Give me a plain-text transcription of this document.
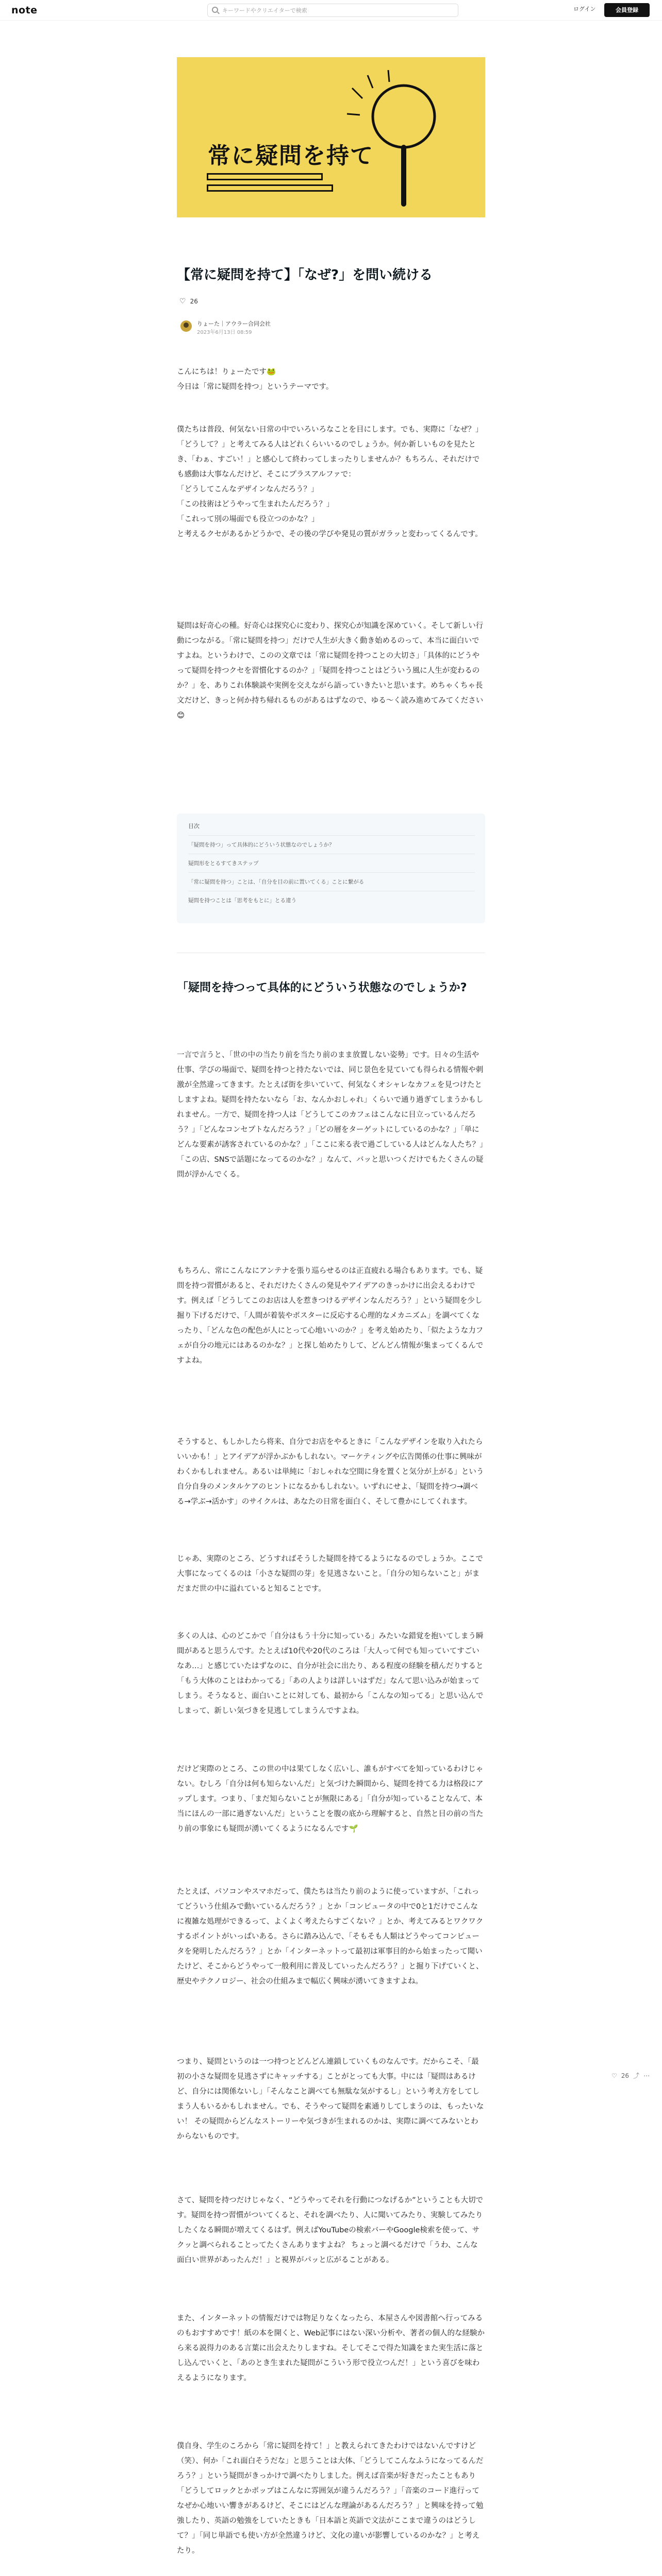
note
キーワードやクリエイターで検索	ログイン	会員登録
常に疑問を持て
【常に疑問を持て】「なぜ?」を問い続ける
♡ 26
りょーた｜アウラー合同会社
2023年6月13日 08:59
こんにちは！りょーたです🐸
今日は「常に疑問を持つ」というテーマです。
僕たちは普段、何気ない日常の中でいろいろなことを目にします。でも、実際に「なぜ？」「どうして？」と考えてみる人はどれくらいいるのでしょうか。何か新しいものを見たとき、「わぁ、すごい！」と感心して終わってしまったりしませんか？もちろん、それだけでも感動は大事なんだけど、そこにプラスアルファで：
「どうしてこんなデザインなんだろう？」
「この技術はどうやって生まれたんだろう？」
「これって別の場面でも役立つのかな？」
と考えるクセがあるかどうかで、その後の学びや発見の質がガラッと変わってくるんです。
疑問は好奇心の種。好奇心は探究心に変わり、探究心が知識を深めていく。そして新しい行動につながる。「常に疑問を持つ」だけで人生が大きく動き始めるのって、本当に面白いですよね。というわけで、このの文章では「常に疑問を持つことの大切さ」「具体的にどうやって疑問を持つクセを習慣化するのか？」「疑問を持つことはどういう風に人生が変わるのか？」を、ありこれ体験談や実例を交えながら語っていきたいと思います。めちゃくちゃ長文だけど、きっと何か持ち帰れるものがあるはずなので、ゆる〜く読み進めてみてください😊
目次
「疑問を持つ」って具体的にどういう状態なのでしょうか？
疑問形をとるすてきステップ
「常に疑問を持つ」ことは、「自分を目の前に置いてくる」ことに繋がる
疑問を持つことは「思考をもとに」とる違う
「疑問を持つって具体的にどういう状態なのでしょうか?
一言で言うと、「世の中の当たり前を当たり前のまま放置しない姿勢」です。日々の生活や仕事、学びの場面で、疑問を持つと持たないでは、同じ景色を見ていても得られる情報や刺激が全然違ってきます。たとえば街を歩いていて、何気なくオシャレなカフェを見つけたとしますよね。疑問を持たないなら「お、なんかおしゃれ」くらいで通り過ぎてしまうかもしれません。一方で、疑問を持つ人は「どうしてこのカフェはこんなに目立っているんだろう？」「どんなコンセプトなんだろう？」「どの層をターゲットにしているのかな？」「単にどんな要素が誘客されているのかな？」「ここに来る表で過ごしている人はどんな人たち？」「この店、SNSで話題になってるのかな？」なんて、バッと思いつくだけでもたくさんの疑問が浮かんでくる。
もちろん、常にこんなにアンテナを張り巡らせるのは正直疲れる場合もあります。でも、疑問を持つ習慣があると、それだけたくさんの発見やアイデアのきっかけに出会えるわけです。例えば「どうしてこのお店は人を惹きつけるデザインなんだろう？」という疑問を少し掘り下げるだけで、「人間が着装やポスターに反応する心理的なメカニズム」を調べてくなったり、「どんな色の配色が人にとって心地いいのか？」を考え始めたり、「似たような力フェが自分の地元にはあるのかな？」と探し始めたりして、どんどん情報が集まってくるんですよね。
そうすると、もしかしたら将来、自分でお店をやるときに「こんなデザインを取り入れたらいいかも！」とアイデアが浮かぶかもしれない。マーケティングや広告関係の仕事に興味がわくかもしれません。あるいは単純に「おしゃれな空間に身を置くと気分が上がる」という自分自身のメンタルケアのヒントになるかもしれない。いずれにせよ、「疑問を持つ→調べる→学ぶ→活かす」のサイクルは、あなたの日常を面白く、そして豊かにしてくれます。
じゃあ、実際のところ、どうすればそうした疑問を持てるようになるのでしょうか。ここで大事になってくるのは「小さな疑問の芽」を見逃さないこと。「自分の知らないこと」がまだまだ世の中に溢れていると知ることです。
多くの人は、心のどこかで「自分はもう十分に知っている」みたいな錯覚を抱いてしまう瞬間があると思うんです。たとえば10代や20代のころは「大人って何でも知っていてすごいなあ…」と感じていたはずなのに、自分が社会に出たり、ある程度の経験を積んだりすると「もう大体のことはわかってる」「あの人よりは詳しいはずだ」なんて思い込みが始まってしまう。そうなると、面白いことに対しても、最初から「こんなの知ってる」と思い込んでしまって、新しい気づきを見逃してしまうんですよね。
だけど実際のところ、この世の中は果てしなく広いし、誰もがすべてを知っているわけじゃない。むしろ「自分は何も知らないんだ」と気づけた瞬間から、疑問を持てる力は格段にアップします。つまり、「まだ知らないことが無限にある」「自分が知っていることなんて、本当にほんの一部に過ぎないんだ」ということを腹の底から理解すると、自然と目の前の当たり前の事象にも疑問が湧いてくるようになるんです🌱
たとえば、パソコンやスマホだって、僕たちは当たり前のように使っていますが、「これってどういう仕組みで動いているんだろう？」とか「コンピュータの中で0と1だけでこんなに複雑な処理ができるって、よくよく考えたらすごくない？」とか、考えてみるとワクワクするポイントがいっぱいある。さらに踏み込んで、「そもそも人類はどうやってコンピュータを発明したんだろう？」とか「インターネットって最初は軍事目的から始まったって聞いたけど、そこからどうやって一般利用に普及していったんだろう？」と掘り下げていくと、歴史やテクノロジー、社会の仕組みまで幅広く興味が湧いてきますよね。
つまり、疑問というのは一つ持つとどんどん連鎖していくものなんです。だからこそ、「最初の小さな疑問を見逃さずにキャッチする」ことがとっても大事。中には「疑問はあるけど、自分には関係ないし」「そんなこと調べても無駄な気がするし」という考え方をしてしまう人もいるかもしれません。でも、そうやって疑問を素通りしてしまうのは、もったいない！ その疑問からどんなストーリーや気づきが生まれるのかは、実際に調べてみないとわからないものです。
さて、疑問を持つだけじゃなく、“どうやってそれを行動につなげるか”ということも大切です。疑問を持つ習慣がついてくると、それを調べたり、人に聞いてみたり、実験してみたりしたくなる瞬間が増えてくるはず。例えばYouTubeの検索バーやGoogle検索を使って、サクッと調べられることってたくさんありますよね？ ちょっと調べるだけで「うわ、こんな面白い世界があったんだ！」と視界がパッと広がることがある。
また、インターネットの情報だけでは物足りなくなったら、本屋さんや図書館へ行ってみるのもおすすめです！紙の本を開くと、Web記事にはない深い分析や、著者の個人的な経験から来る説得力のある言葉に出会えたりしますね。そしてそこで得た知識をまた実生活に落とし込んでいくと、「あのとき生まれた疑問がこういう形で役立つんだ！」という喜びを味わえるようになります。
僕自身、学生のころから「常に疑問を持て！」と教えられてきたわけではないんですけど（笑）、何か「これ面白そうだな」と思うことは大体、「どうしてこんなふうになってるんだろう？」という疑問がきっかけで調べたりしました。例えば音楽が好きだったこともあり「どうしてロックとかポップはこんなに雰囲気が違うんだろう？」「音楽のコード進行ってなぜか心地いい響きがあるけど、そこにはどんな理論があるんだろう？」と興味を持って勉強したり、英語の勉強をしていたときも「日本語と英語で文法がここまで違うのはどうして？」「同じ単語でも使い方が全然違うけど、文化の違いが影響しているのかな？」と考えたり。
♡ 26 ⤴ ⋯
